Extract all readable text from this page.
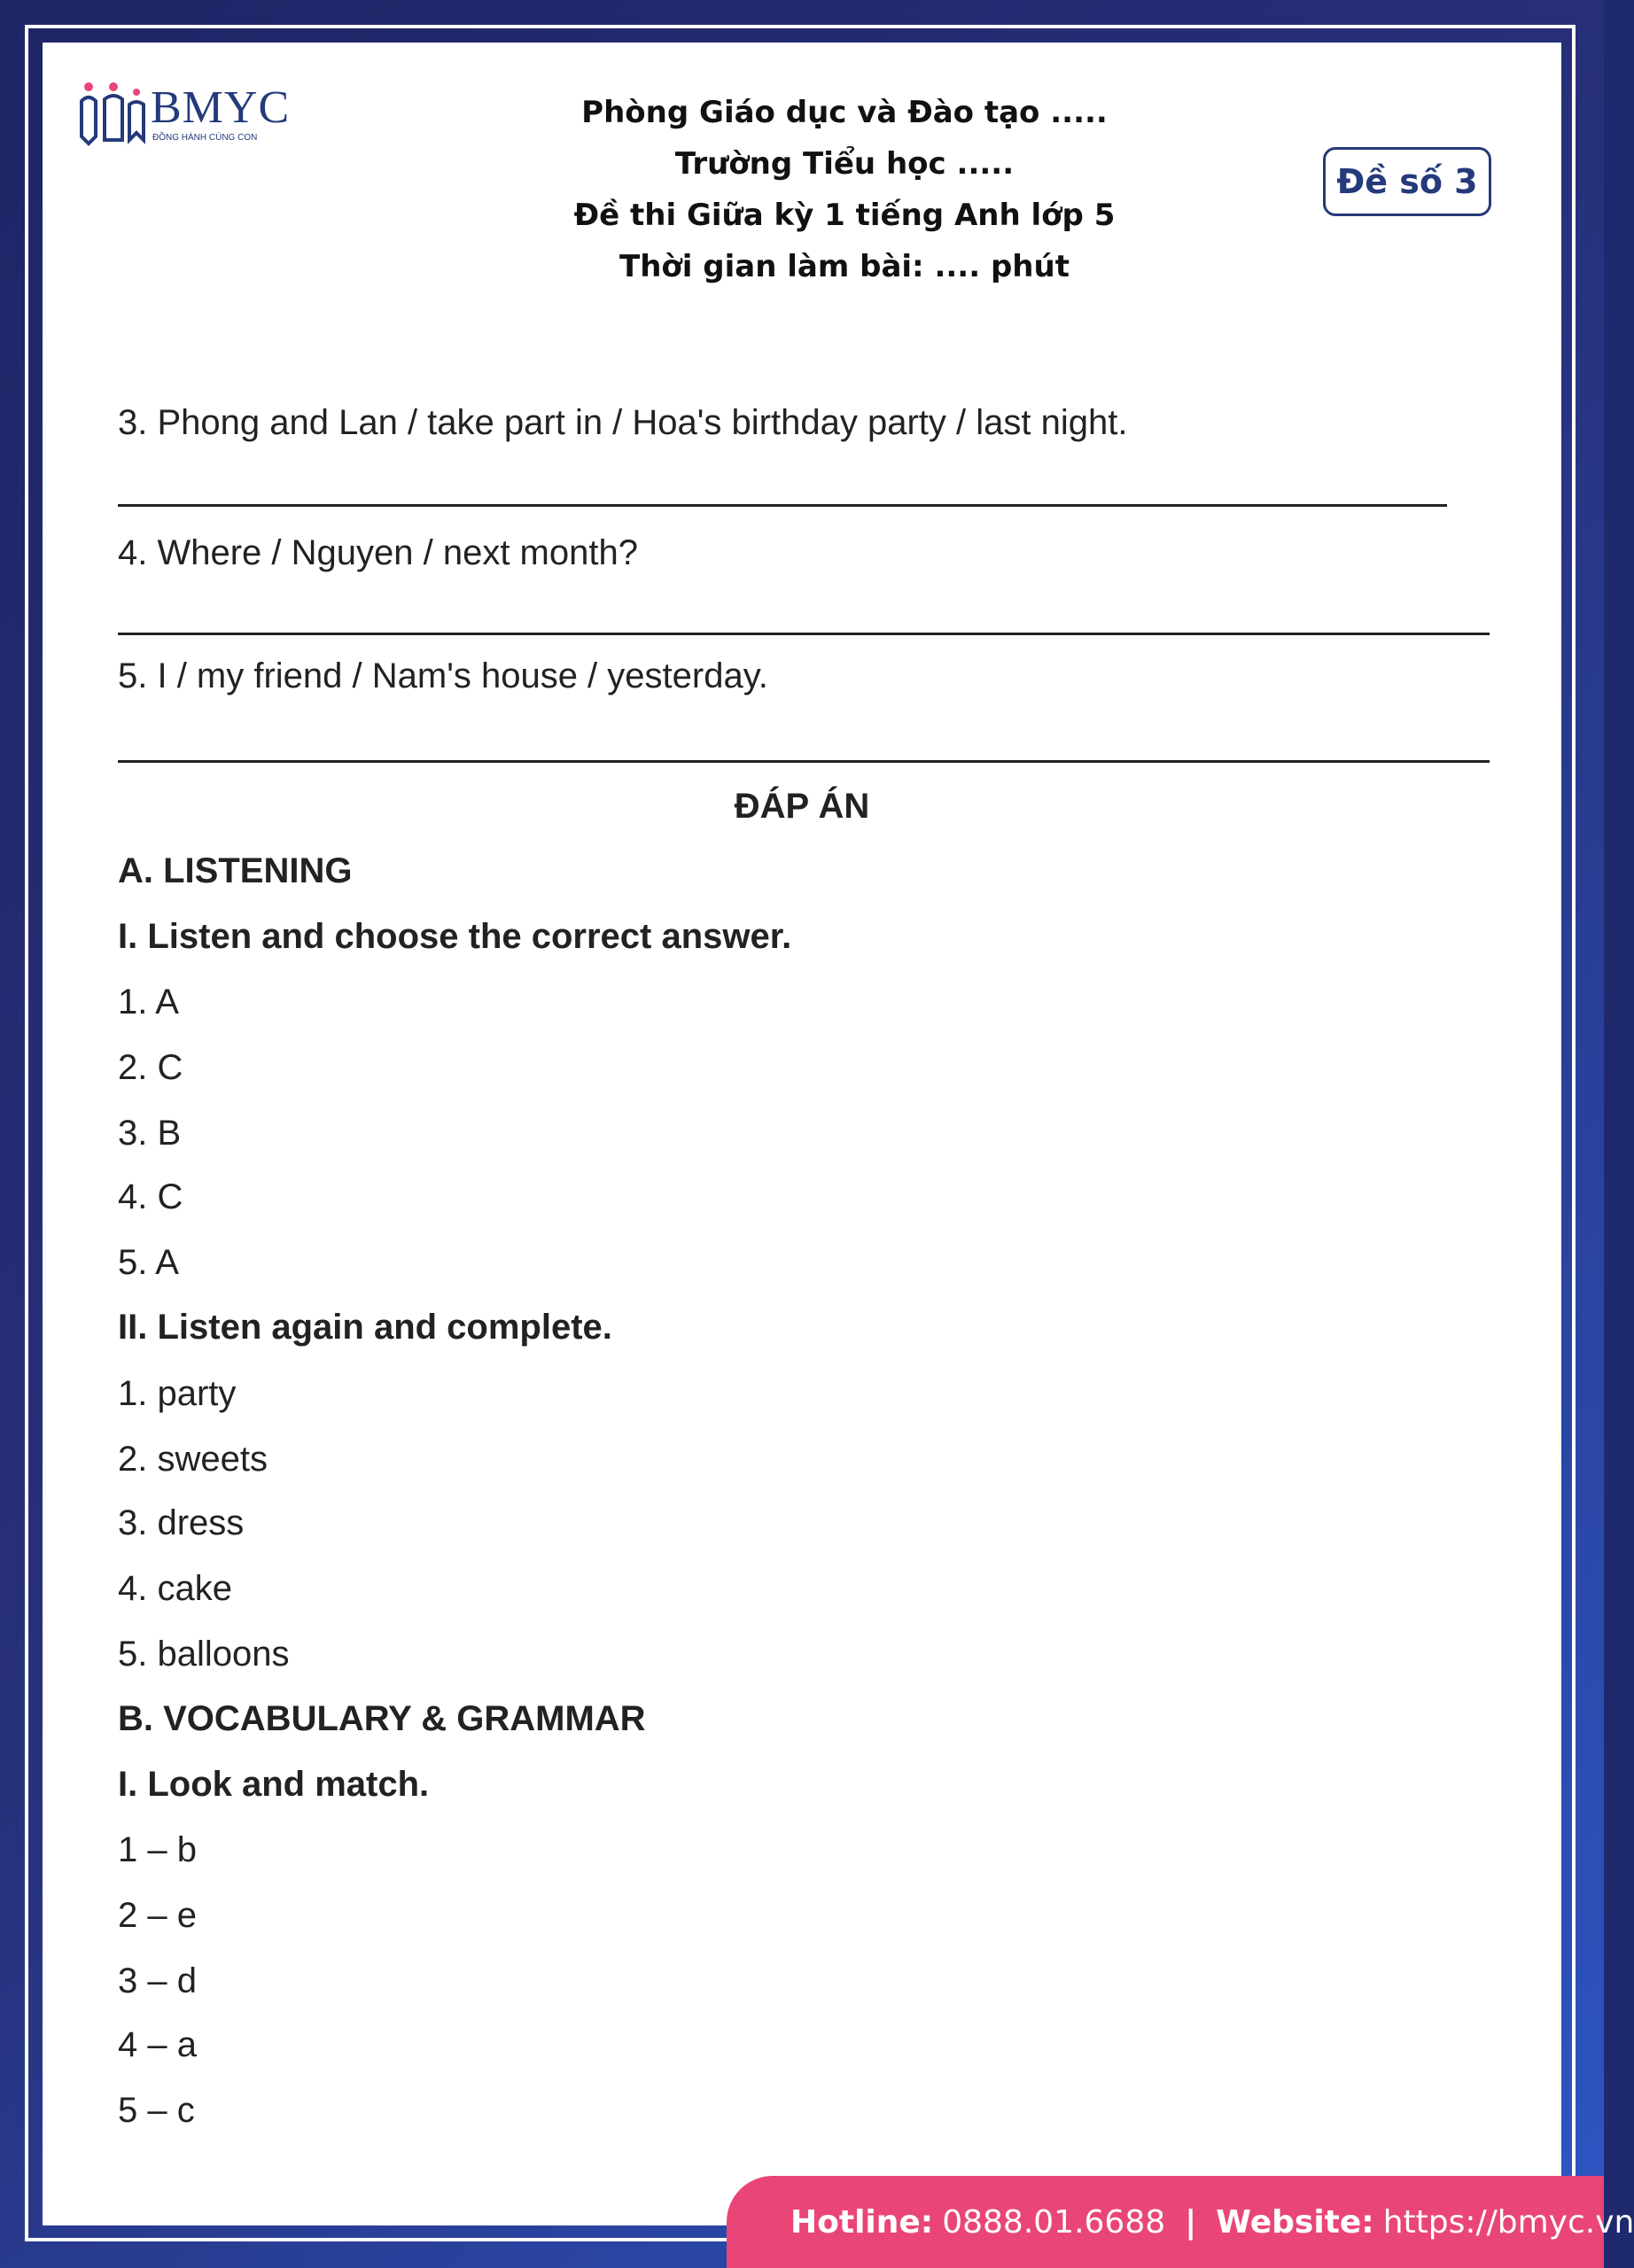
BMYC
ĐỒNG HÀNH CÙNG CON
Phòng Giáo dục và Đào tạo .....
Trường Tiểu học .....
Đề thi Giữa kỳ 1 tiếng Anh lớp 5
Thời gian làm bài: .... phút
Đề số 3
3. Phong and Lan / take part in / Hoa's birthday party / last night.
4. Where / Nguyen / next month?
5. I / my friend / Nam's house / yesterday.
ĐÁP ÁN
A. LISTENING
I. Listen and choose the correct answer.
1. A
2. C
3. B
4. C
5. A
II. Listen again and complete.
1. party
2. sweets
3. dress
4. cake
5. balloons
B. VOCABULARY & GRAMMAR
I. Look and match.
1 – b
2 – e
3 – d
4 – a
5 – c
Hotline: 0888.01.6688 | Website: https://bmyc.vn
